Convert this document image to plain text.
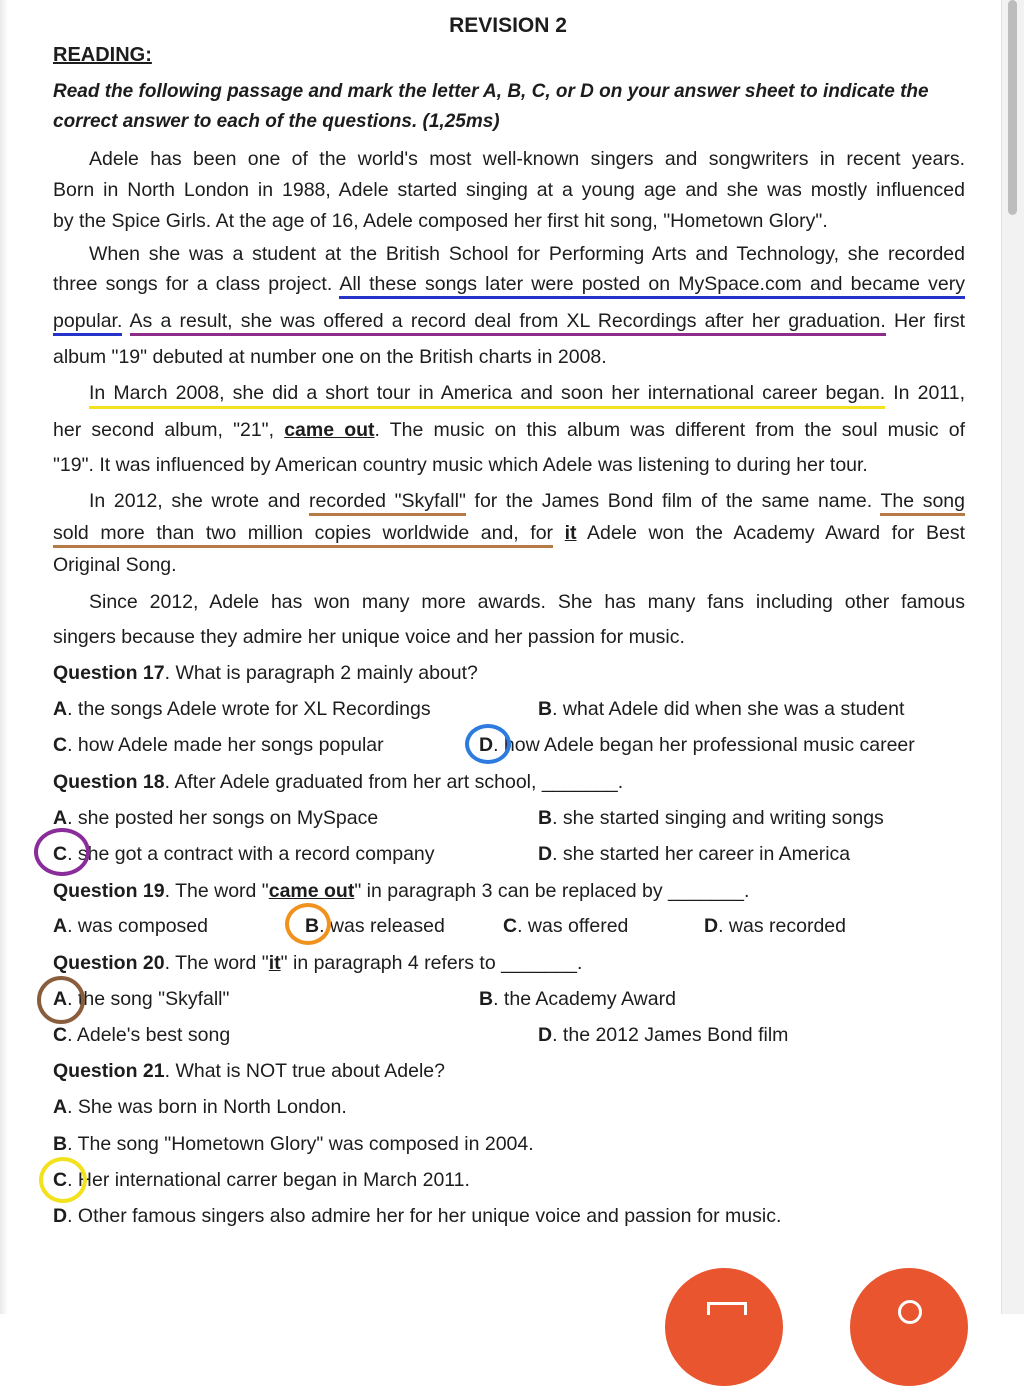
REVISION 2
READING:
Read the following passage and mark the letter A, B, C, or D on your answer sheet to indicate the correct answer to each of the questions. (1,25ms)
Adele has been one of the world's most well-known singers and songwriters in recent years.
Born in North London in 1988, Adele started singing at a young age and she was mostly influenced
by the Spice Girls. At the age of 16, Adele composed her first hit song, "Hometown Glory".
When she was a student at the British School for Performing Arts and Technology, she recorded
three songs for a class project. All these songs later were posted on MySpace.com and became very
popular. As a result, she was offered a record deal from XL Recordings after her graduation. Her first
album "19" debuted at number one on the British charts in 2008.
In March 2008, she did a short tour in America and soon her international career began. In 2011,
her second album, "21", came out. The music on this album was different from the soul music of
"19". It was influenced by American country music which Adele was listening to during her tour.
In 2012, she wrote and recorded "Skyfall" for the James Bond film of the same name. The song
sold more than two million copies worldwide and, for it Adele won the Academy Award for Best
Original Song.
Since 2012, Adele has won many more awards. She has many fans including other famous
singers because they admire her unique voice and her passion for music.
Question 17. What is paragraph 2 mainly about?
A. the songs Adele wrote for XL Recordings	B. what Adele did when she was a student
C. how Adele made her songs popular	D. how Adele began her professional music career
Question 18. After Adele graduated from her art school, _______.
A. she posted her songs on MySpace	B. she started singing and writing songs
C. she got a contract with a record company	D. she started her career in America
Question 19. The word "came out" in paragraph 3 can be replaced by _______.
A. was composed	B. was released	C. was offered	D. was recorded
Question 20. The word "it" in paragraph 4 refers to _______.
A. the song "Skyfall"	B. the Academy Award
C. Adele's best song	D. the 2012 James Bond film
Question 21. What is NOT true about Adele?
A. She was born in North London.
B. The song "Hometown Glory" was composed in 2004.
C. Her international carrer began in March 2011.
D. Other famous singers also admire her for her unique voice and passion for music.
